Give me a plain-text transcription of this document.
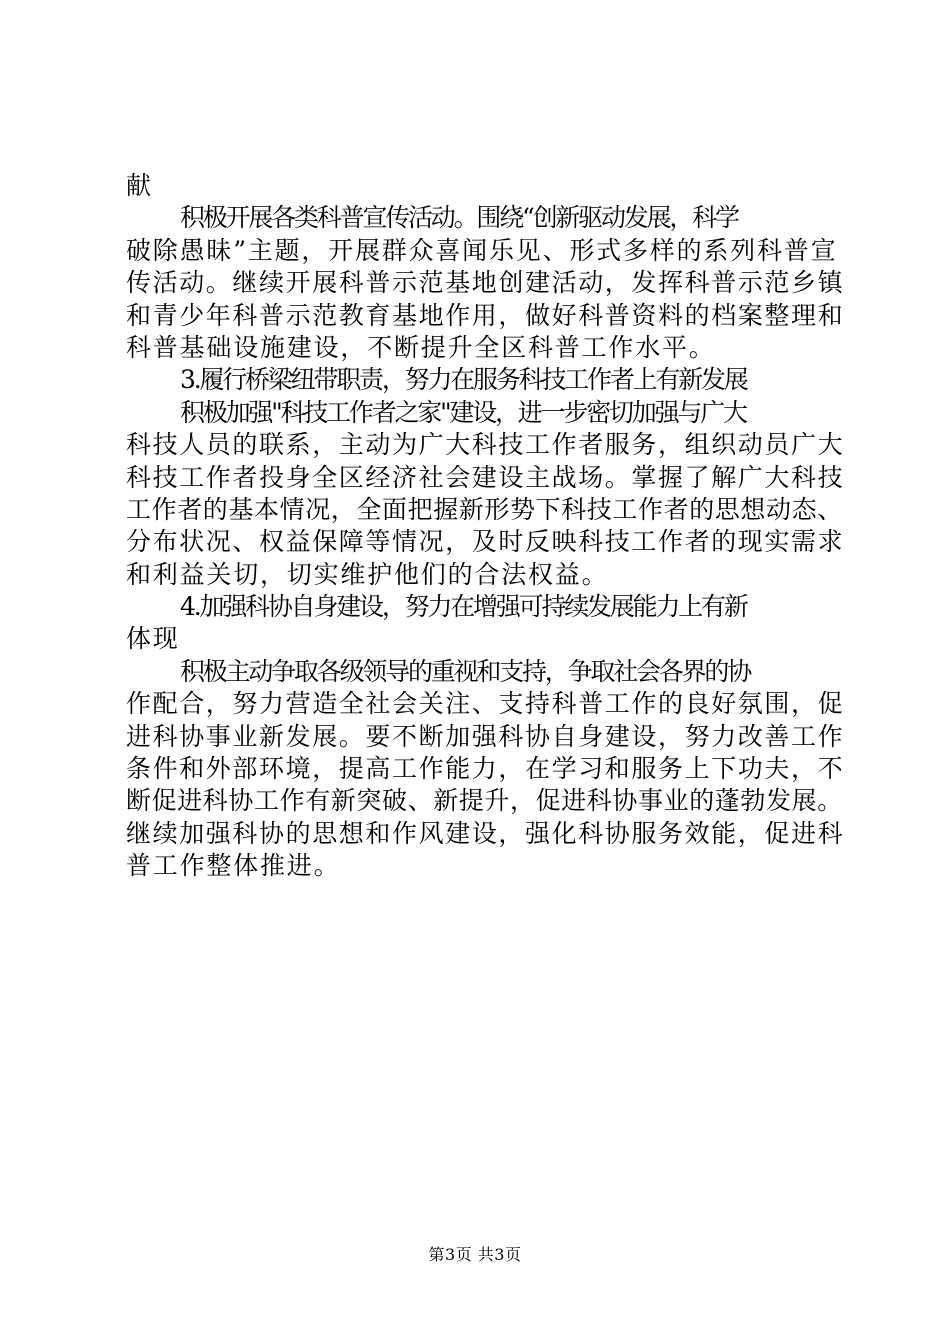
献
积极开展各类科普宣传活动。围绕“创新驱动发展，科学
破除愚昧”主题，开展群众喜闻乐见、形式多样的系列科普宣
传活动。继续开展科普示范基地创建活动，发挥科普示范乡镇
和青少年科普示范教育基地作用，做好科普资料的档案整理和
科普基础设施建设，不断提升全区科普工作水平。
3.履行桥梁纽带职责，努力在服务科技工作者上有新发展
积极加强"科技工作者之家"建设，进一步密切加强与广大
科技人员的联系，主动为广大科技工作者服务，组织动员广大
科技工作者投身全区经济社会建设主战场。掌握了解广大科技
工作者的基本情况，全面把握新形势下科技工作者的思想动态、
分布状况、权益保障等情况，及时反映科技工作者的现实需求
和利益关切，切实维护他们的合法权益。
4.加强科协自身建设，努力在增强可持续发展能力上有新
体现
积极主动争取各级领导的重视和支持，争取社会各界的协
作配合，努力营造全社会关注、支持科普工作的良好氛围，促
进科协事业新发展。要不断加强科协自身建设，努力改善工作
条件和外部环境，提高工作能力，在学习和服务上下功夫，不
断促进科协工作有新突破、新提升，促进科协事业的蓬勃发展。
继续加强科协的思想和作风建设，强化科协服务效能，促进科
普工作整体推进。
第3页 共3页
